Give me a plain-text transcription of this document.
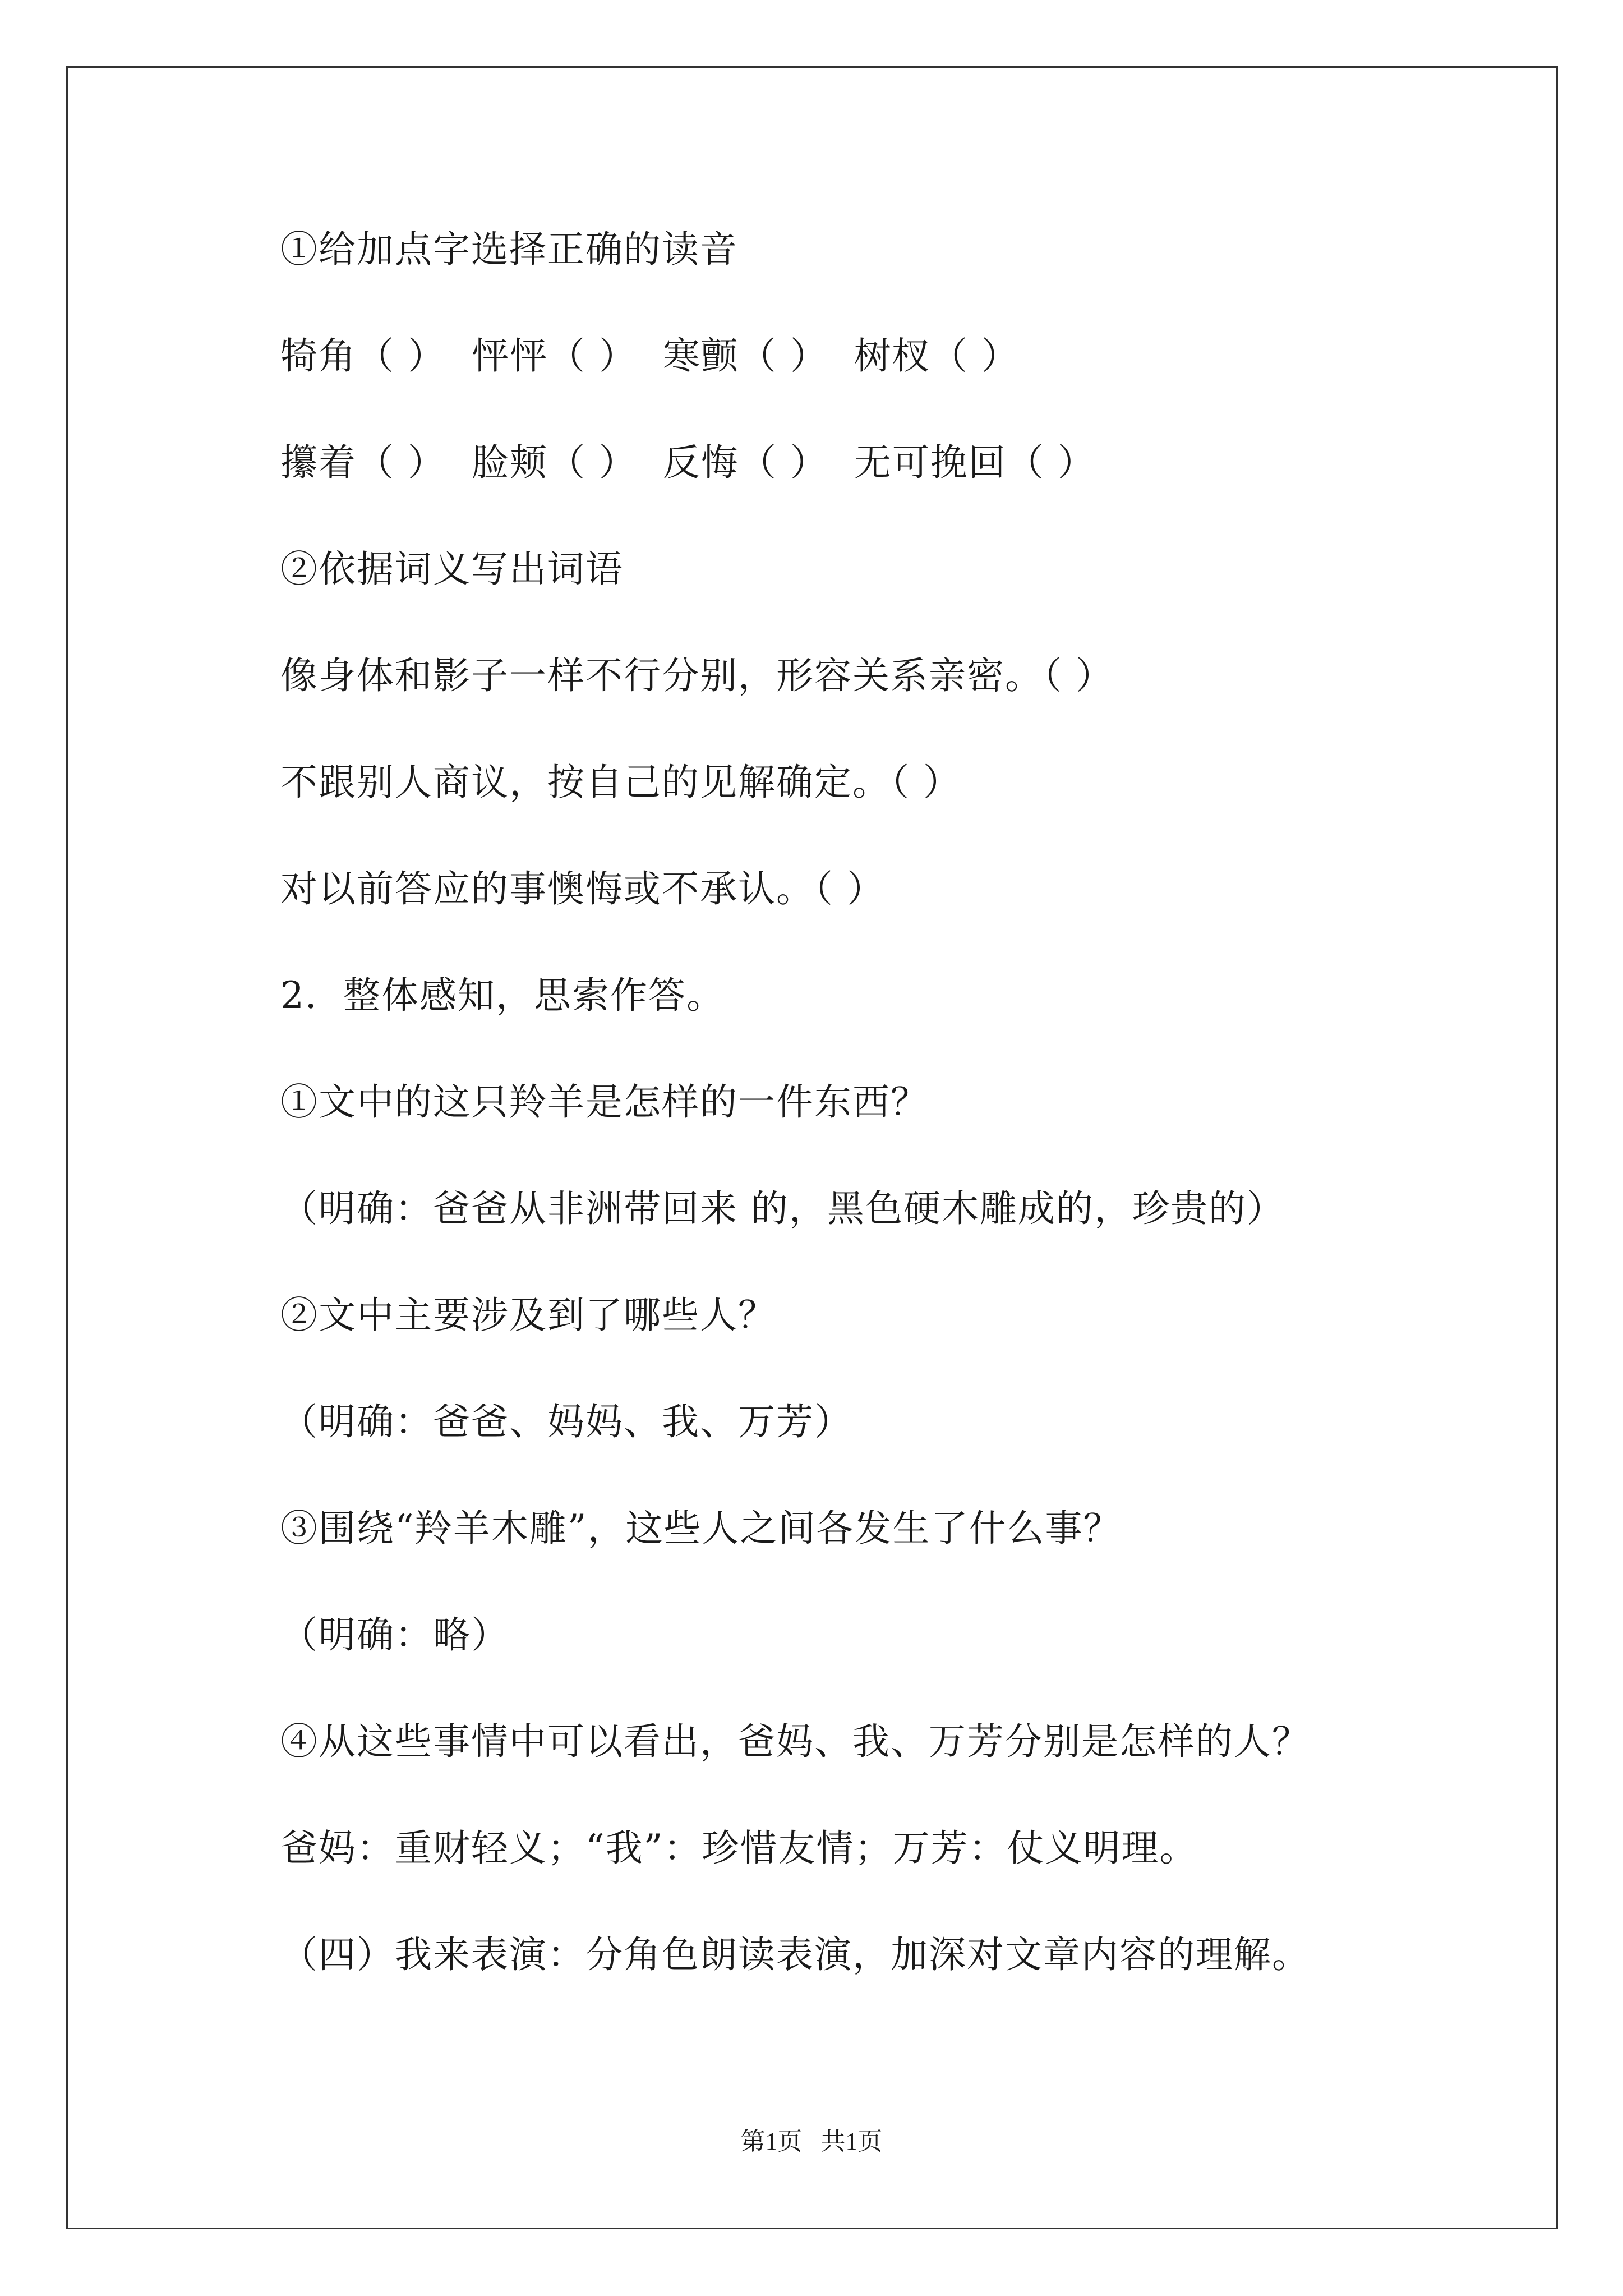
①给加点字选择正确的读音
犄角（ ）  怦怦（ ）  寒颤（ ）  树杈（ ）
攥着（ ）  脸颊（ ）  反悔（ ）  无可挽回（ ）
②依据词义写出词语
像身体和影子一样不行分别，形容关系亲密。（ ）
不跟别人商议，按自己的见解确定。（ ）
对以前答应的事懊悔或不承认。（ ）
2．整体感知，思索作答。
①文中的这只羚羊是怎样的一件东西？
（明确：爸爸从非洲带回来 的，黑色硬木雕成的，珍贵的）
②文中主要涉及到了哪些人？
（明确：爸爸、妈妈、我、万芳）
③围绕“羚羊木雕”，这些人之间各发生了什么事？
（明确：略）
④从这些事情中可以看出，爸妈、我、万芳分别是怎样的人？
爸妈：重财轻义；“我”：珍惜友情；万芳：仗义明理。
（四）我来表演：分角色朗读表演，加深对文章内容的理解。
第1页   共1页
